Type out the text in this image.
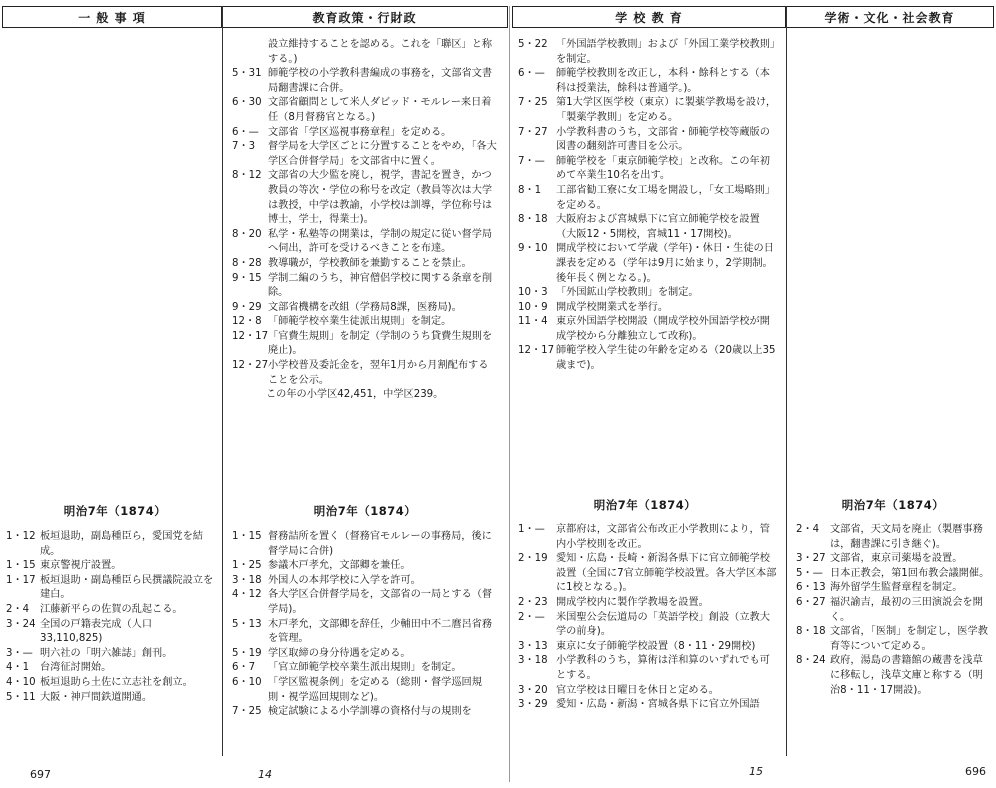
一 般 事 項	教育政策・行財政	学 校 教 育	学術・文化・社会教育
設立維持することを認める。これを「聯区」と称する。)
5・31 師範学校の小学教科書編成の事務を，文部省文書局翻書課に合併。
6・30 文部省顧問として米人ダビッド・モルレー来日着任（8月督務官となる。)
6・— 文部省「学区巡視事務章程」を定める。
7・3	督学局を大学区ごとに分置することをやめ，「各大学区合併督学局」を文部省中に置く。
8・12 文部省の大少監を廃し，視学，書記を置き，かつ教員の等次・学位の称号を改定（教員等次は大学は教授，中学は教諭，小学校は訓導，学位称号は博士，学士，得業士)。
8・20 私学・私塾等の開業は，学制の規定に従い督学局へ伺出，許可を受けるべきことを布達。
8・28 教導職が，学校教師を兼勤することを禁止。
9・15 学制二編のうち，神官僧侶学校に関する条章を削除。
9・29 文部省機構を改組（学務局8課，医務局)。
12・8 「師範学校卒業生徒派出規則」を制定。
12・17 「官費生規則」を制定（学制のうち貸費生規則を廃止)。
12・27 小学校普及委託金を，翌年1月から月割配布することを公示。
この年の小学区42,451，中学区239。
5・22 「外国語学校教則」および「外国工業学校教則」を制定。
6・—	師範学校教則を改正し，本科・餘科とする（本科は授業法，餘科は普通学。)。
7・25 第1大学区医学校（東京）に製薬学教場を設け，「製薬学教則」を定める。
7・27 小学教科書のうち，文部省・師範学校等蔵版の図書の翻刻許可書目を公示。
7・—	師範学校を「東京師範学校」と改称。この年初めて卒業生10名を出す。
8・1	工部省勧工寮に女工場を開設し，「女工場略則」を定める。
8・18 大阪府および宮城県下に官立師範学校を設置（大阪12・5開校，宮城11・17開校)。
9・10 開成学校において学歳（学年)・休日・生徒の日課表を定める（学年は9月に始まり，2学期制。後年長く例となる。)。
10・3 「外国鉱山学校教則」を制定。
10・9 開成学校開業式を挙行。
11・4 東京外国語学校開設（開成学校外国語学校が開成学校から分離独立して改称)。
12・17 師範学校入学生徒の年齢を定める（20歳以上35歳まで)。
明治7年（1874）	明治7年（1874）	明治7年（1874）	明治7年（1874）
1・12 板垣退助，副島種臣ら，愛国党を結成。
1・15 東京警視庁設置。
1・17 板垣退助・副島種臣ら民撰議院設立を建白。
2・4	江藤新平らの佐賀の乱起こる。
3・24 全国の戸籍表完成（人口33,110,825)
3・— 明六社の「明六雑誌」創刊。
4・1	台湾征討開始。
4・10 板垣退助ら土佐に立志社を創立。
5・11 大阪・神戸間鉄道開通。
1・15 督務詰所を置く（督務官モルレーの事務局，後に督学局に合併)
1・25 参議木戸孝允，文部卿を兼任。
3・18 外国人の本邦学校に入学を許可。
4・12 各大学区合併督学局を，文部省の一局とする（督学局)。
5・13 木戸孝允，文部卿を辞任，少輔田中不二麿呂省務を管理。
5・19 学区取締の身分待遇を定める。
6・7	「官立師範学校卒業生派出規則」を制定。
6・10 「学区監視条例」を定める（総則・督学巡回規則・視学巡回規則など)。
7・25 検定試験による小学訓導の資格付与の規則を
1・—	京都府は，文部省公布改正小学教則により，管内小学校則を改正。
2・19 愛知・広島・長崎・新潟各県下に官立師範学校設置（全国に7官立師範学校設置。各大学区本部に1校となる。)。
2・23 開成学校内に製作学教場を設置。
2・—	米国聖公会伝道局の「英語学校」創設（立教大学の前身)。
3・13 東京に女子師範学校設置（8・11・29開校)
3・18 小学教科のうち，算術は洋和算のいずれでも可とする。
3・20 官立学校は日曜日を休日と定める。
3・29 愛知・広島・新潟・宮城各県下に官立外国語
2・4	文部省，天文局を廃止（製暦事務は，翻書課に引き継ぐ)。
3・27 文部省，東京司薬場を設置。
5・— 日本正教会，第1回布教会議開催。
6・13 海外留学生監督章程を制定。
6・27 福沢諭吉，最初の三田演説会を開く。
8・18 文部省，「医制」を制定し，医学教育等について定める。
8・24 政府，湯島の書籍館の蔵書を浅草に移転し，浅草文庫と称する（明治8・11・17開設)。
697	14	15	696
